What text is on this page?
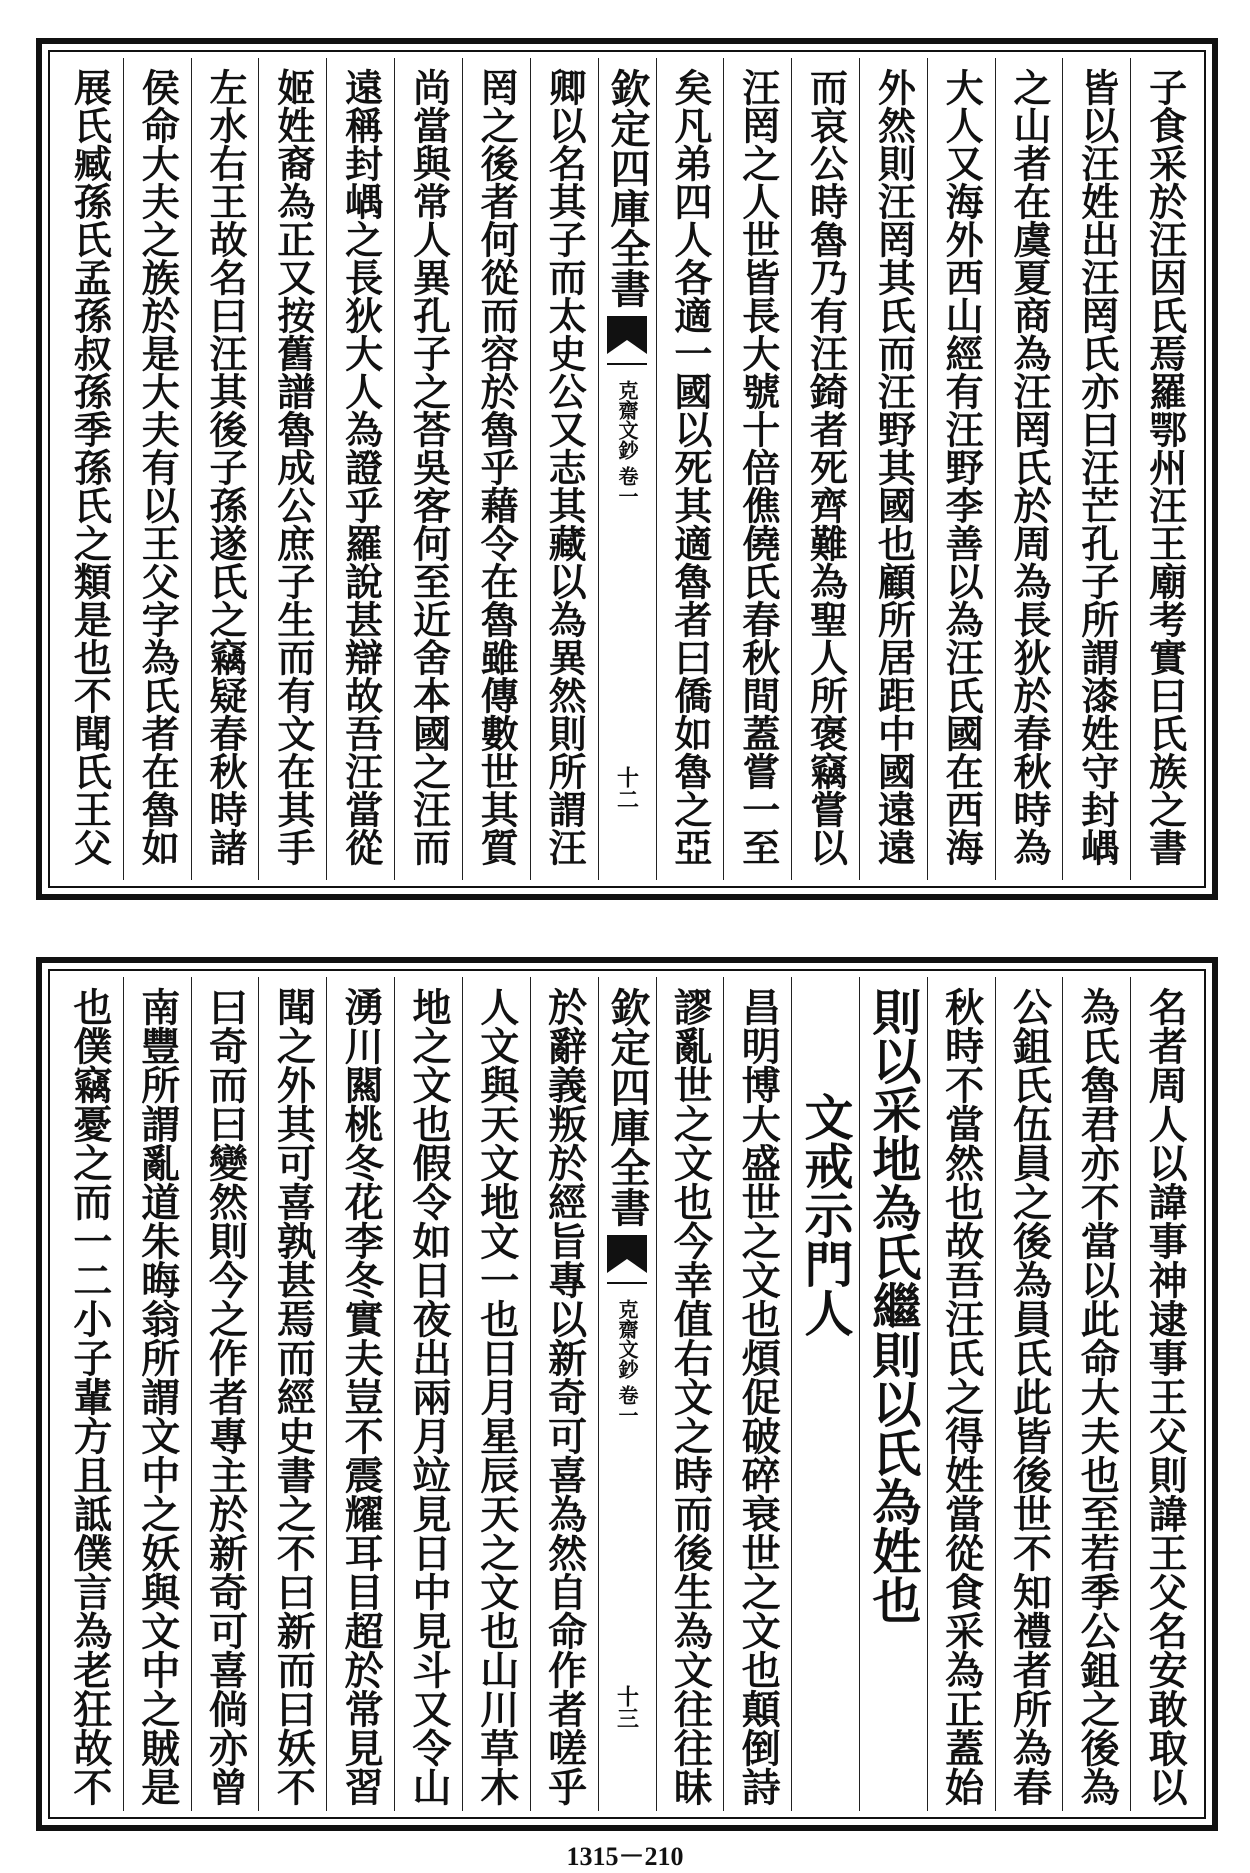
子食采於汪因氏焉羅鄂州汪王廟考實曰氏族之書
皆以汪姓出汪罔氏亦曰汪芒孔子所謂漆姓守封嵎
之山者在虞夏商為汪罔氏於周為長狄於春秋時為
大人又海外西山經有汪野李善以為汪氏國在西海
外然則汪罔其氏而汪野其國也顧所居距中國遠遠
而哀公時魯乃有汪錡者死齊難為聖人所褒竊嘗以
汪罔之人世皆長大號十倍僬僥氏春秋間蓋嘗一至
矣凡弟四人各適一國以死其適魯者曰僑如魯之亞
欽定四庫全書
克齋文鈔
卷一
十二
卿以名其子而太史公又志其藏以為異然則所謂汪
罔之後者何從而容於魯乎藉令在魯雖傳數世其質
尚當與常人異孔子之荅吳客何至近舍本國之汪而
遠稱封嵎之長狄大人為證乎羅說甚辯故吾汪當從
姬姓裔為正又按舊譜魯成公庶子生而有文在其手
左水右王故名曰汪其後子孫遂氏之竊疑春秋時諸
侯命大夫之族於是大夫有以王父字為氏者在魯如
展氏臧孫氏孟孫叔孫季孫氏之類是也不聞氏王父
名者周人以諱事神逮事王父則諱王父名安敢取以
為氏魯君亦不當以此命大夫也至若季公鉏之後為
公鉏氏伍員之後為員氏此皆後世不知禮者所為春
秋時不當然也故吾汪氏之得姓當從食采為正蓋始
則以采地為氏繼則以氏為姓也
文戒示門人
昌明博大盛世之文也煩促破碎衰世之文也顛倒詩
謬亂世之文也今幸值右文之時而後生為文往往昧
欽定四庫全書
克齋文鈔
卷一
十三
於辭義叛於經旨專以新奇可喜為然自命作者嗟乎
人文與天文地文一也日月星辰天之文也山川草木
地之文也假令如日夜出兩月竝見日中見斗又令山
湧川闗桃冬花李冬實夫豈不震耀耳目超於常見習
聞之外其可喜孰甚焉而經史書之不曰新而曰妖不
曰奇而曰變然則今之作者專主於新奇可喜倘亦曾
南豐所謂亂道朱晦翁所謂文中之妖與文中之賊是
也僕竊憂之而一二小子輩方且詆僕言為老狂故不
1315－210
